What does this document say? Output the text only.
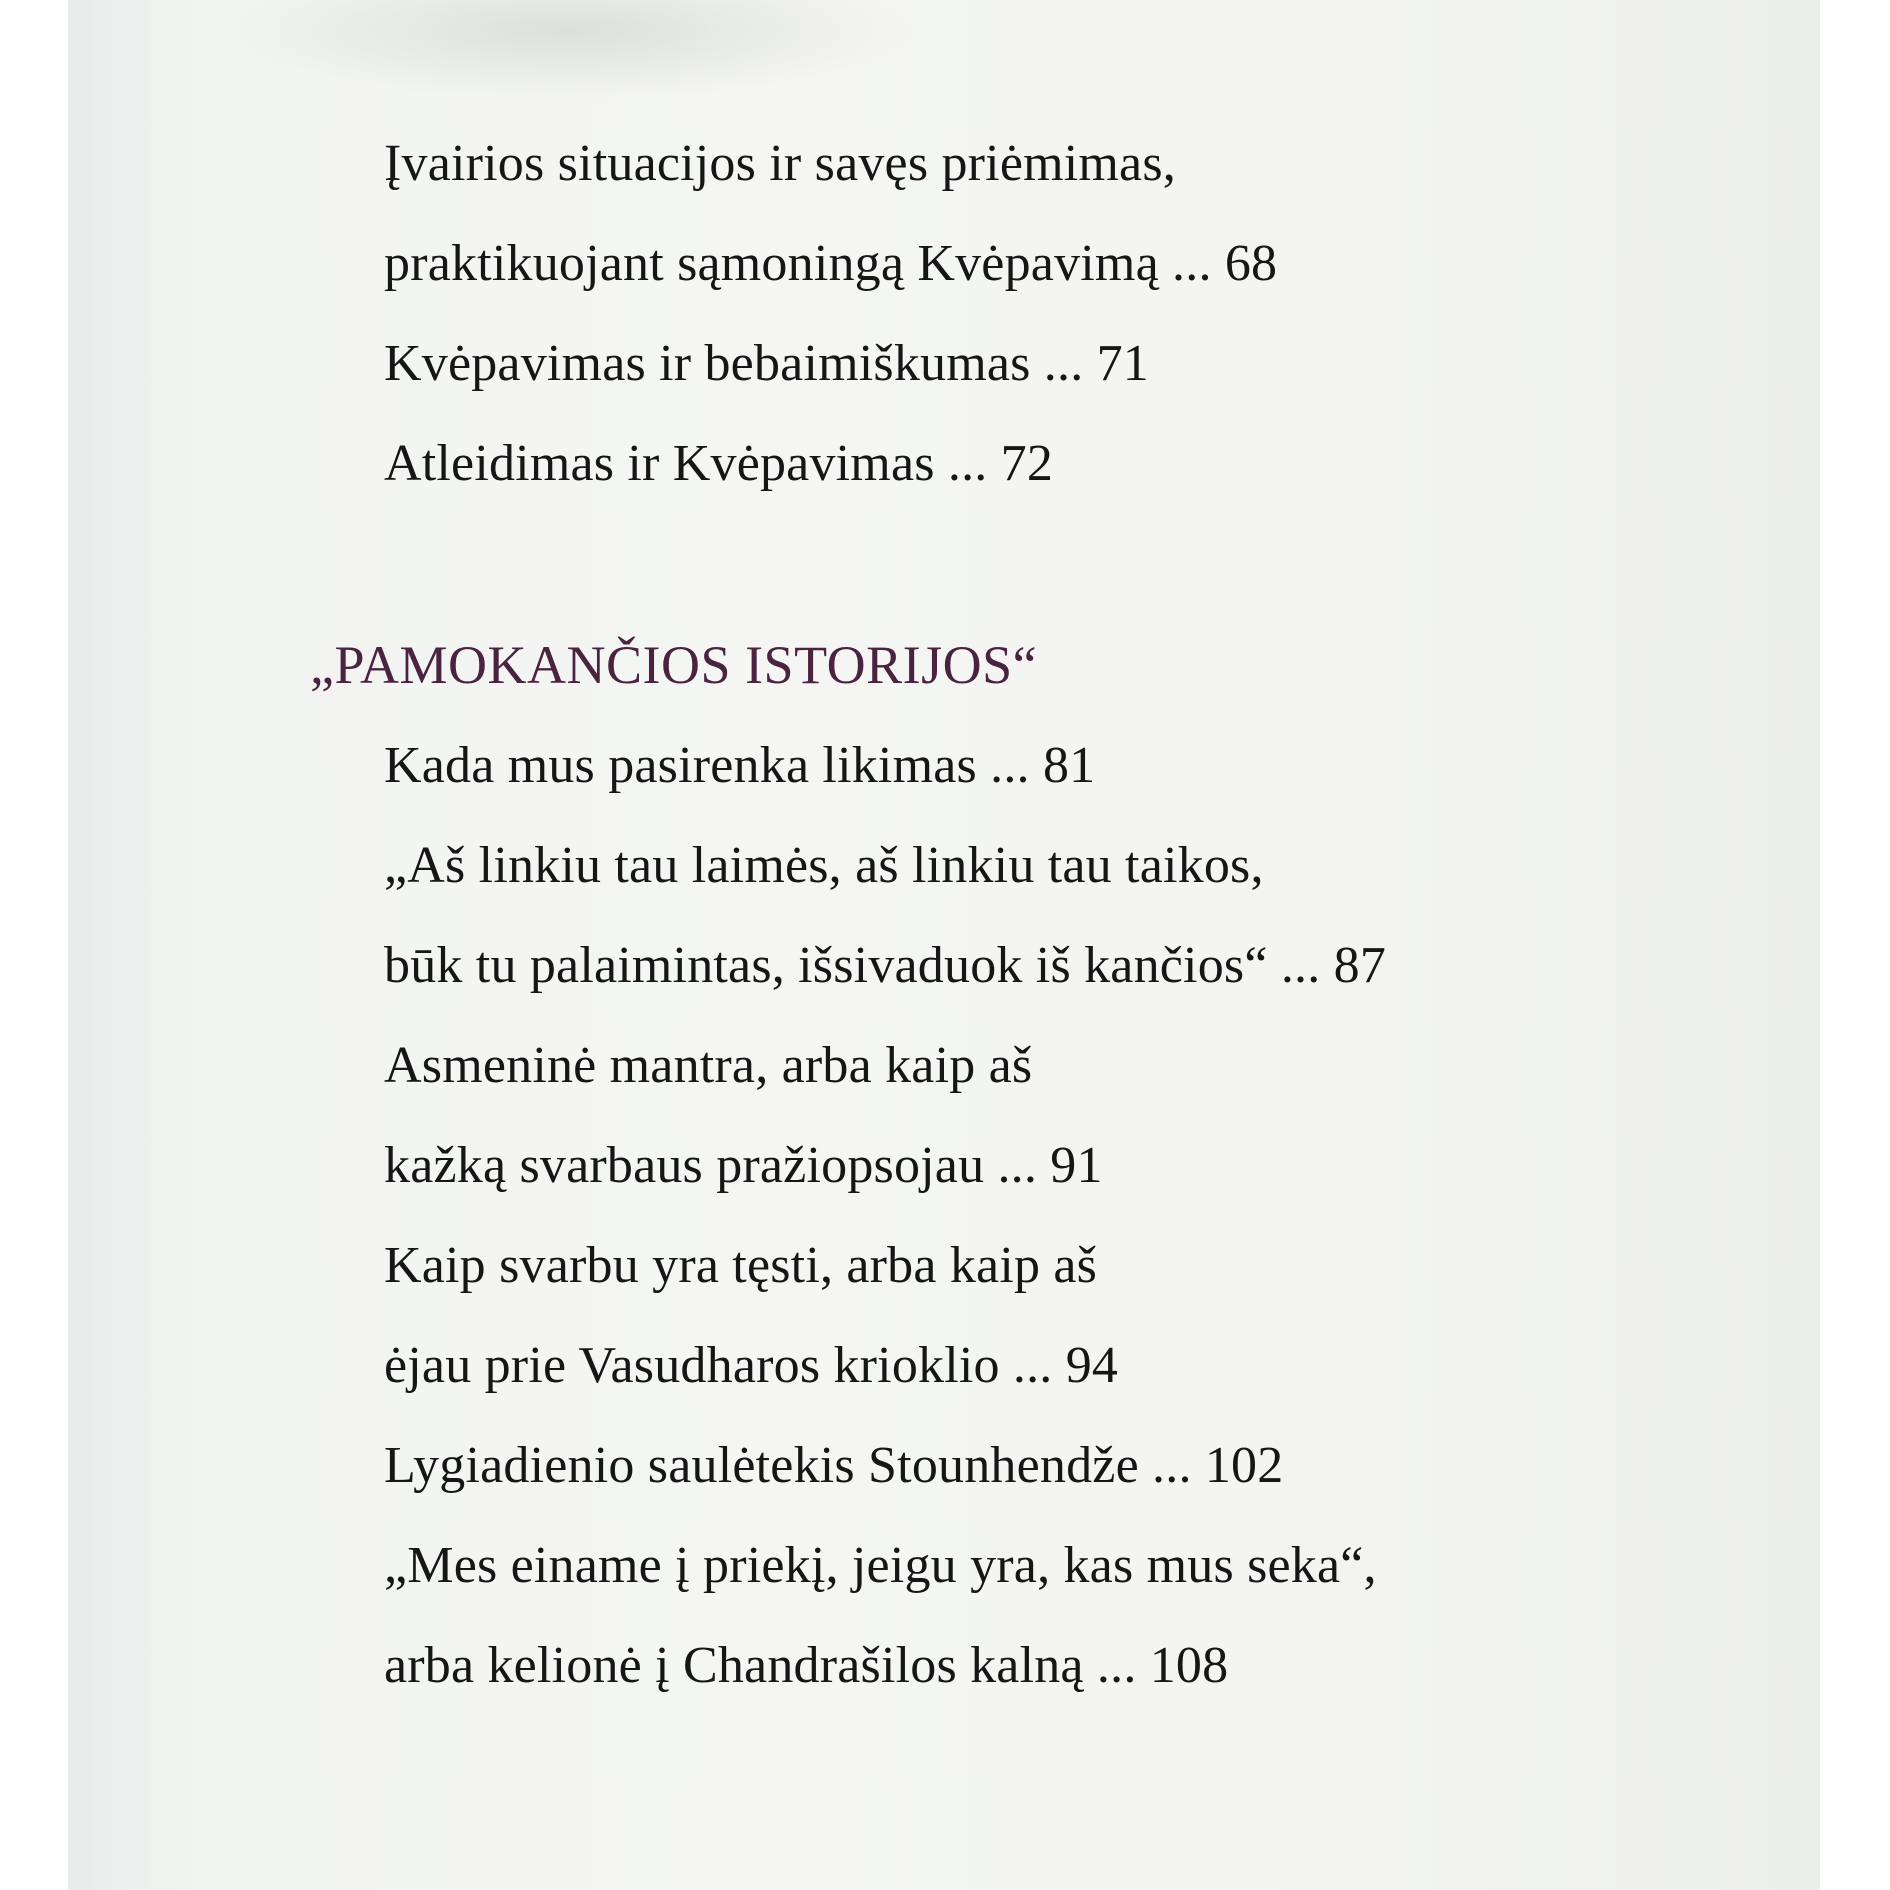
Įvairios situacijos ir savęs priėmimas,
praktikuojant sąmoningą Kvėpavimą ... 68
Kvėpavimas ir bebaimiškumas ... 71
Atleidimas ir Kvėpavimas ... 72
„PAMOKANČIOS ISTORIJOS“
Kada mus pasirenka likimas ... 81
„Aš linkiu tau laimės, aš linkiu tau taikos,
būk tu palaimintas, išsivaduok iš kančios“ ... 87
Asmeninė mantra, arba kaip aš
kažką svarbaus pražiopsojau ... 91
Kaip svarbu yra tęsti, arba kaip aš
ėjau prie Vasudharos krioklio ... 94
Lygiadienio saulėtekis Stounhendže ... 102
„Mes einame į priekį, jeigu yra, kas mus seka“,
arba kelionė į Chandrašilos kalną ... 108
